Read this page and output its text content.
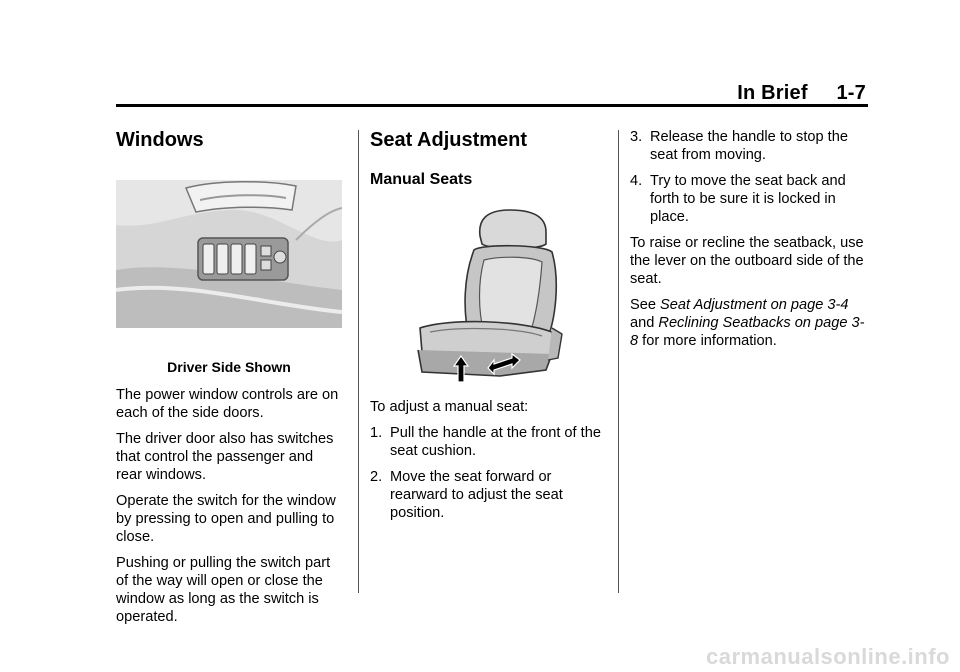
In Brief     1-7
Windows

Driver Side Shown

The power window controls are on each of the side doors.

The driver door also has switches that control the passenger and rear windows.

Operate the switch for the window by pressing to open and pulling to close.

Pushing or pulling the switch part of the way will open or close the window as long as the switch is operated.

Seat Adjustment
Manual Seats

To adjust a manual seat:

1. Pull the handle at the front of the seat cushion.
2. Move the seat forward or rearward to adjust the seat position.
3. Release the handle to stop the seat from moving.
4. Try to move the seat back and forth to be sure it is locked in place.

To raise or recline the seatback, use the lever on the outboard side of the seat.

See Seat Adjustment on page 3-4 and Reclining Seatbacks on page 3-8 for more information.

carmanualsonline.info
